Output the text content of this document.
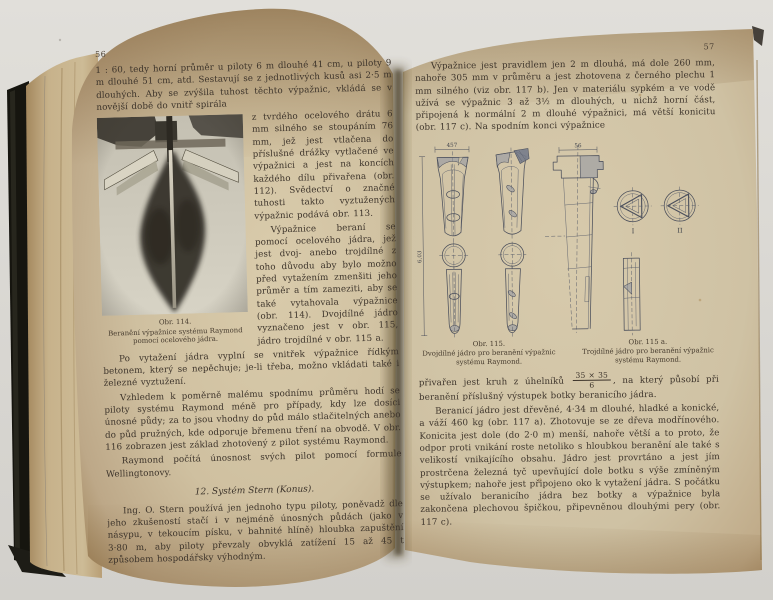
56

1 : 60, tedy horní průměr u piloty 6 m dlouhé 41 cm, u piloty 9 m dlouhé 51 cm, atd. Sestavují se z jednotlivých kusů asi 2·5 m dlouhých. Aby se zvýšila tuhost těchto výpažnic, vkládá se v novější době do vnitř spirála

Obr. 114.
Beranění výpažnice systému Raymond pomocí ocelového jádra.

z tvrdého ocelového drátu 6 mm silného se stoupáním 76 mm, jež jest vtlačena do příslušné drážky vytlačené ve výpažnici a jest na koncích každého dílu přivařena (obr. 112). Svědectví o značné tuhosti takto vyztužených výpažnic podává obr. 113.

Výpažnice beraní se pomocí ocelového jádra, jež jest dvoj- anebo trojdílné z toho důvodu aby bylo možno před vytažením zmenšiti jeho průměr a tím zameziti, aby se také vytahovala výpažnice (obr. 114). Dvojdílné jádro vyznačeno jest v obr. 115, jádro trojdílné v obr. 115 a.

Po vytažení jádra vyplní se vnitřek výpažnice řídkým betonem, který se nepěchuje; je-li třeba, možno vkládati také i železné vyztužení.

Vzhledem k poměrně malému spodnímu průměru hodí se piloty systému Raymond méně pro případy, kdy lze dosíci únosné půdy; za to jsou vhodny do půd málo stlačitelných anebo do půd pružných, kde odporuje břemenu tření na obvodě. V obr. 116 zobrazen jest základ zhotovený z pilot systému Raymond.

Raymond počítá únosnost svých pilot pomocí formule Wellingtonovy.

12. Systém Stern (Konus).

Ing. O. Stern používá jen jednoho typu piloty, poněvadž dle jeho zkušeností stačí i v nejméně únosných půdách (jako v násypu, v tekoucím písku, v bahnité hlíně) hloubka zapuštění 3·80 m, aby piloty převzaly obvyklá zatížení 15 až 45 t způsobem hospodářsky výhodným.

57

Výpažnice jest pravidlem jen 2 m dlouhá, má dole 260 mm, nahoře 305 mm v průměru a jest zhotovena z černého plechu 1 mm silného (viz obr. 117 b). Jen v materiálu sypkém a ve vodě užívá se výpažnic 3 až 3½ m dlouhých, u nichž horní část, připojená k normální 2 m dlouhé výpažnici, má větší konicitu (obr. 117 c). Na spodním konci výpažnice

457
6,03
56
I	II
Obr. 115.
Dvojdílné jádro pro beranění výpažnic systému Raymond.
Obr. 115 a.
Trojdílné jádro pro beranění výpažnic systému Raymond.

přivařen jest kruh z úhelníků $\frac{35 \times 35}{6}$ , na který působí při beranění příslušný výstupek botky beranicího jádra.

Beranicí jádro jest dřevěné, 4·34 m dlouhé, hladké a konické, a váží 460 kg (obr. 117 a). Zhotovuje se ze dřeva modřínového. Konicita jest dole (do 2·0 m) menší, nahoře větší a to proto, že odpor proti vnikání roste netoliko s hloubkou beranění ale také s velikostí vnikajícího obsahu. Jádro jest provrtáno a jest jím prostrčena železná tyč upevňující dole botku s výše zmíněným výstupkem; nahoře jest připojeno oko k vytažení jádra. S počátku se užívalo beranicího jádra bez botky a výpažnice byla zakončena plechovou špičkou, připevněnou dlouhými pery (obr. 117 c).
